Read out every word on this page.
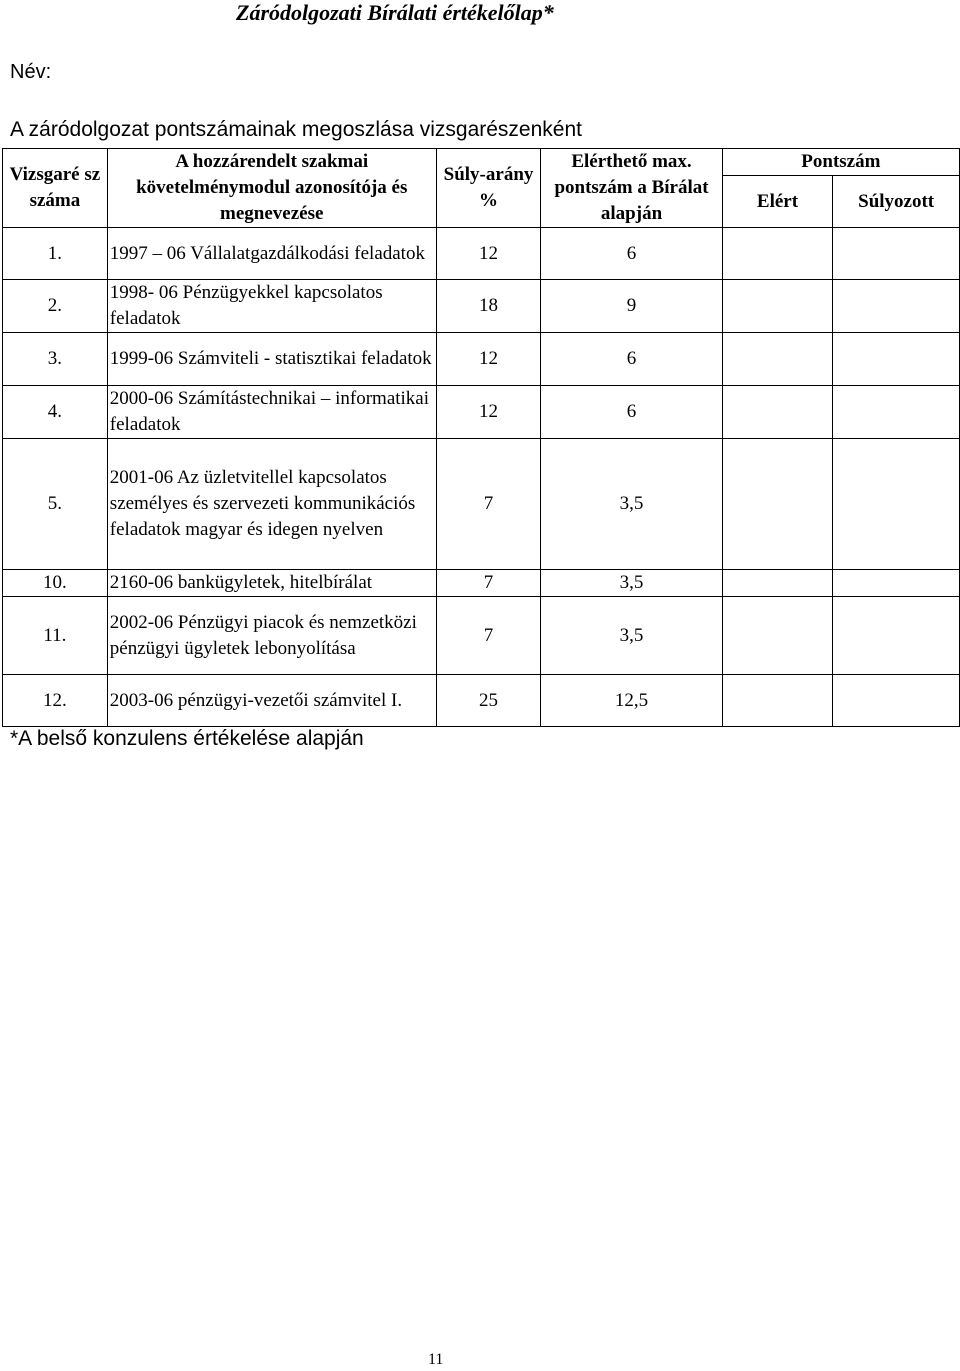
Záródolgozati Bírálati értékelőlap*
Név:
A záródolgozat pontszámainak megoszlása vizsgarészenként
Vizsgaré sz száma	A hozzárendelt szakmai követelménymodul azonosítója és megnevezése	Súly-arány %	Elérthető max. pontszám a Bírálat alapján	Pontszám	
				Elért	Súlyozott

1.	1997 – 06 Vállalatgazdálkodási feladatok	12	6		
2.	1998- 06 Pénzügyekkel kapcsolatos feladatok	18	9		
3.	1999-06 Számviteli - statisztikai feladatok	12	6		
4.	2000-06 Számítástechnikai – informatikai feladatok	12	6		
5.	2001-06 Az üzletvitellel kapcsolatos személyes és szervezeti kommunikációs feladatok magyar és idegen nyelven	7	3,5		
10.	2160-06 bankügyletek, hitelbírálat	7	3,5		
11.	2002-06 Pénzügyi piacok és nemzetközi pénzügyi ügyletek lebonyolítása	7	3,5		
12.	2003-06 pénzügyi-vezetői számvitel I.	25	12,5		
*A belső konzulens értékelése alapján
11
